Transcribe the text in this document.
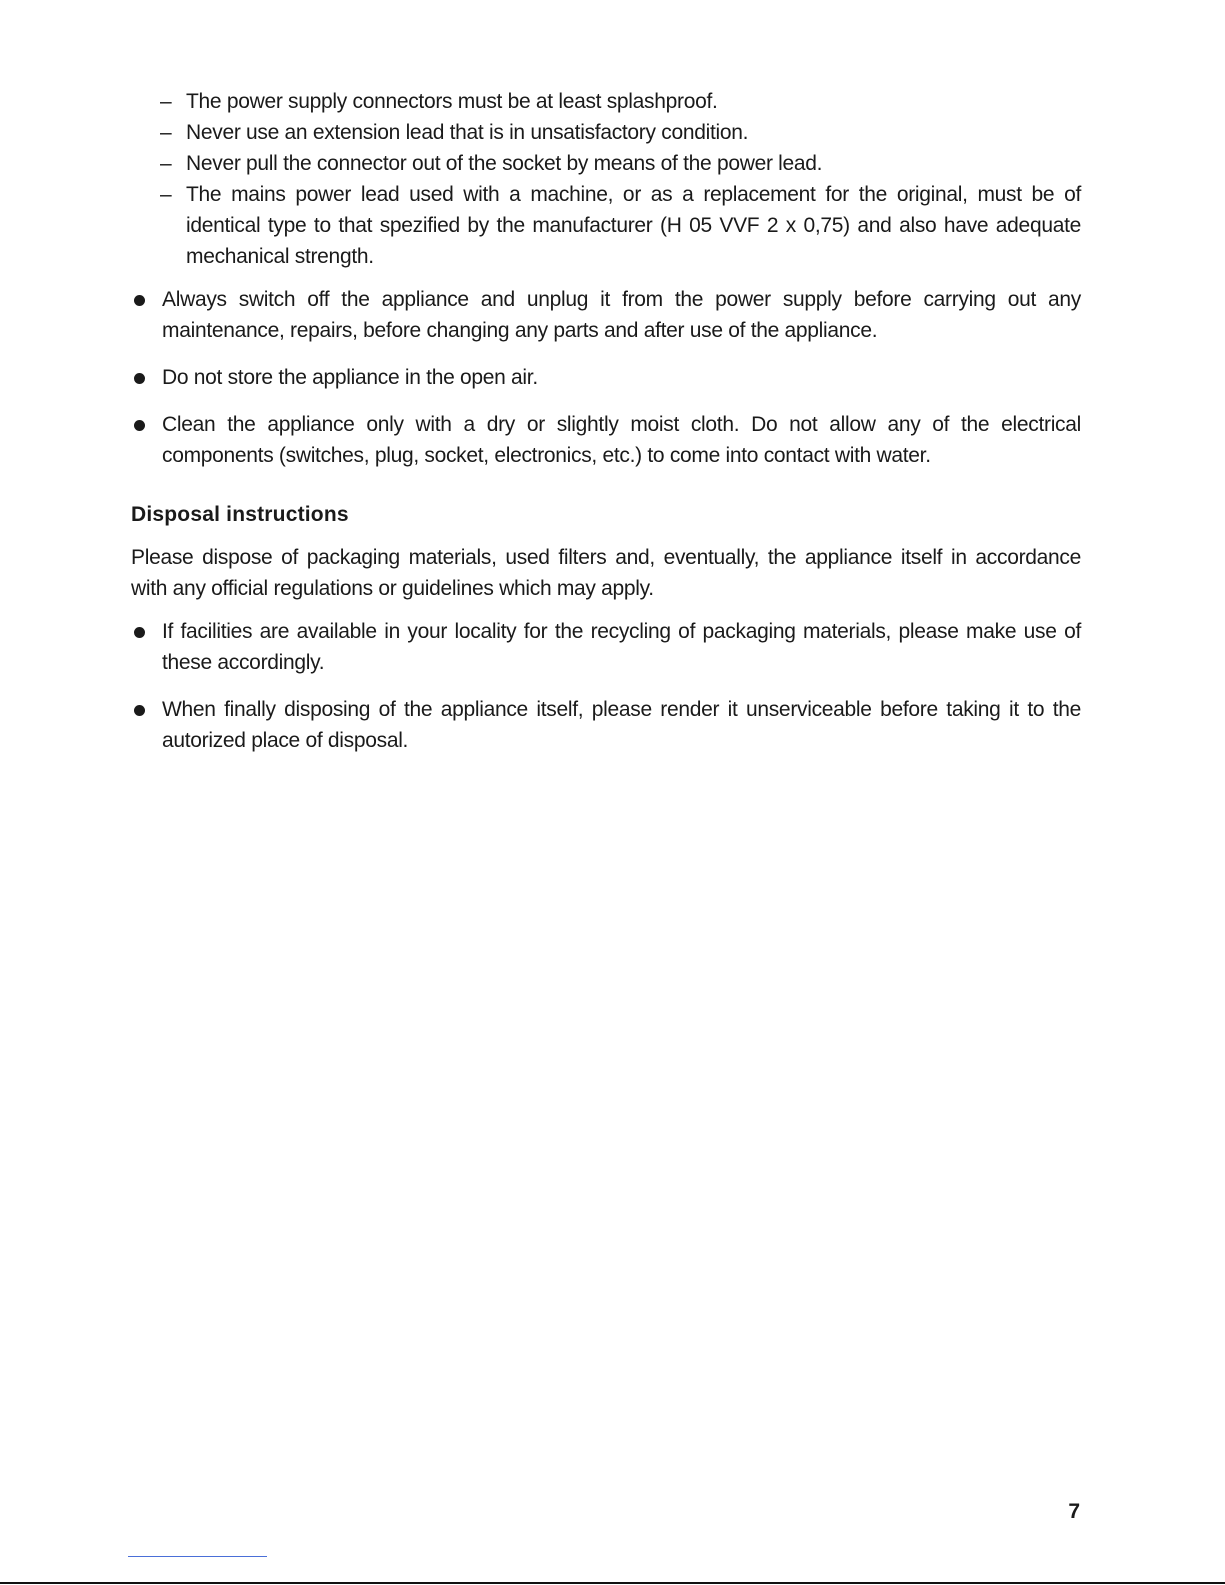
– The power supply connectors must be at least splashproof.
– Never use an extension lead that is in unsatisfactory condition.
– Never pull the connector out of the socket by means of the power lead.
– The mains power lead used with a machine, or as a replacement for the original, must be of identical type to that spezified by the manufacturer (H 05 VVF 2 x 0,75) and also have adequate mechanical strength.
Always switch off the appliance and unplug it from the power supply before carrying out any maintenance, repairs, before changing any parts and after use of the appliance.
Do not store the appliance in the open air.
Clean the appliance only with a dry or slightly moist cloth. Do not allow any of the electrical components (switches, plug, socket, electronics, etc.) to come into contact with water.
Disposal instructions

Please dispose of packaging materials, used filters and, eventually, the appliance itself in accordance with any official regulations or guidelines which may apply.

If facilities are available in your locality for the recycling of packaging materials, please make use of these accordingly.
When finally disposing of the appliance itself, please render it unserviceable before taking it to the autorized place of disposal.
7
